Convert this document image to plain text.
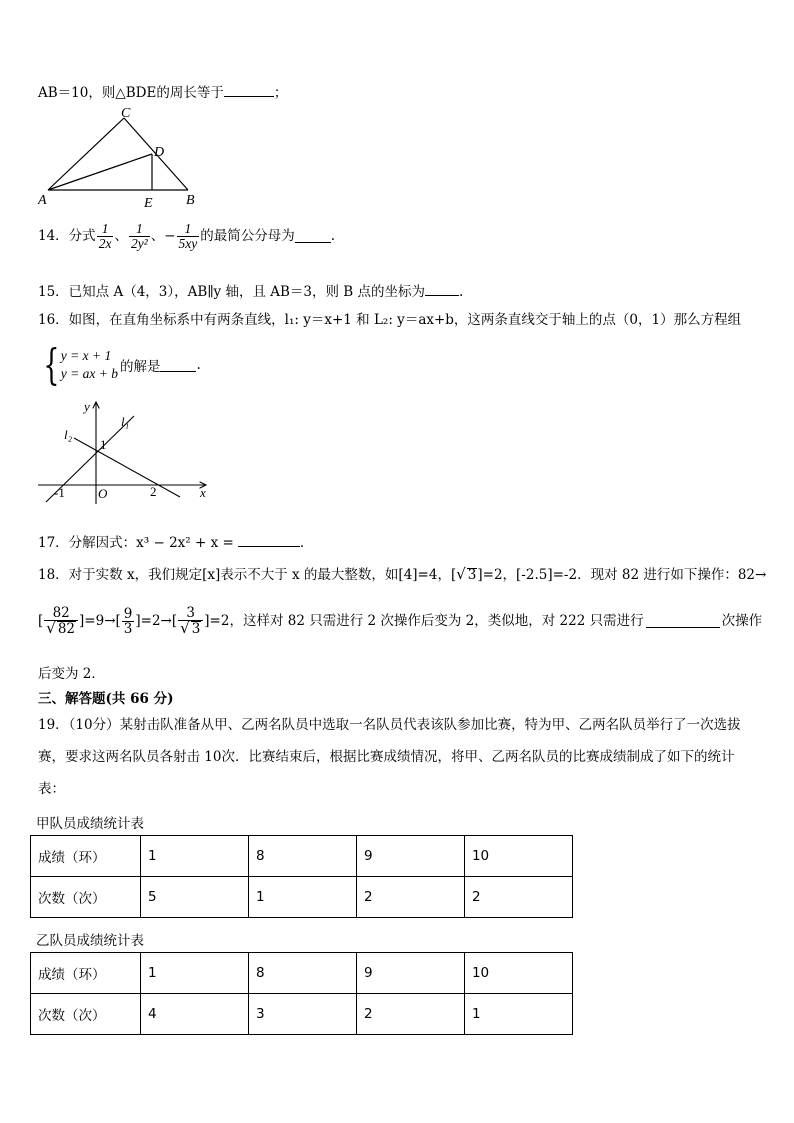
AB＝10，则△BDE的周长等于	；
A	B
C
D
E
14．分式 $\frac{1}{2x}$ 、 $\frac{1}{\text{2y²}}$ 、− $\frac{1}{5xy}$ 的最简公分母为	.
15．已知点 A（4，3），AB∥y 轴，且 AB＝3，则 B 点的坐标为	.
16．如图，在直角坐标系中有两条直线，l₁: y＝x+1 和 L₂: y＝ax+b，这两条直线交于轴上的点（0，1）那么方程组
{ y = x + 1
y = ax + b 的解是	.
y
x
l₁
l₂
1
-1	O	2
17．分解因式：x³ − 2x² + x =	.
18．对于实数 x，我们规定[x]表示不大于 x 的最大整数，如[4]=4，[√ 3]=2，[-2.5]=-2．现对 82 进行如下操作：82→
[ $\frac{82}{√ 82} ]=9\to[ \frac{9}{3} ]=2\to[ \frac{3}{√ 3} ]=2$，这样对 82 只需进行 2 次操作后变为 2，类似地，对 222 只需进行	次操作
后变为 2．
三、解答题(共 66 分)
19．（10分）某射击队准备从甲、乙两名队员中选取一名队员代表该队参加比赛，特为甲、乙两名队员举行了一次选拔
赛，要求这两名队员各射击 10次．比赛结束后，根据比赛成绩情况，将甲、乙两名队员的比赛成绩制成了如下的统计
表：
甲队员成绩统计表
成绩（环）	1	8	9	10
次数（次）	5	1	2	2
乙队员成绩统计表
成绩（环）	1	8	9	10
次数（次）	4	3	2	1
